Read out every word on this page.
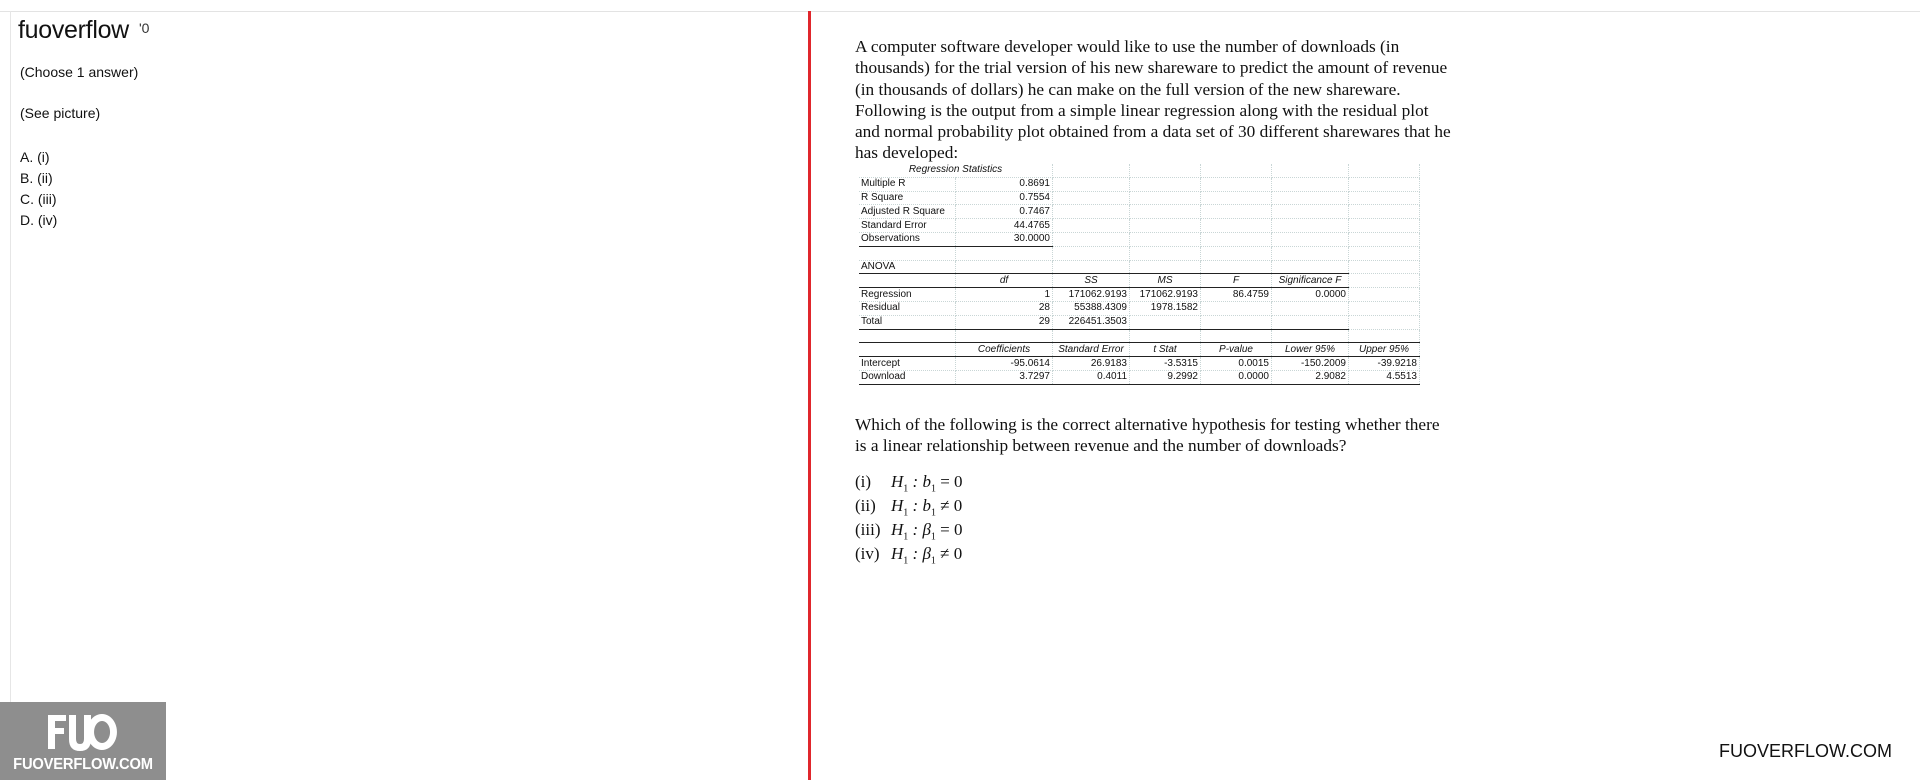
fuoverflow '0
(Choose 1 answer)
(See picture)
A. (i)
B. (ii)
C. (iii)
D. (iv)
FUOVERFLOW.COM
FUOVERFLOW.COM
A computer software developer would like to use the number of downloads (in thousands) for the trial version of his new shareware to predict the amount of revenue (in thousands of dollars) he can make on the full version of the new shareware. Following is the output from a simple linear regression along with the residual plot and normal probability plot obtained from a data set of 30 different sharewares that he has developed:
Regression Statistics						
Multiple R	0.8691					
R Square	0.7554					
Adjusted R Square	0.7467					
Standard Error	44.4765					
Observations	30.0000					

ANOVA						
	df	SS	MS	F	Significance F	
Regression	1	171062.9193	171062.9193	86.4759	0.0000	
Residual	28	55388.4309	1978.1582			
Total	29	226451.3503				

	Coefficients	Standard Error	t Stat	P-value	Lower 95%	Upper 95%
Intercept	-95.0614	26.9183	-3.5315	0.0015	-150.2009	-39.9218
Download	3.7297	0.4011	9.2992	0.0000	2.9082	4.5513
Which of the following is the correct alternative hypothesis for testing whether there is a linear relationship between revenue and the number of downloads?
(i) $H_1$ : $b_1 = 0$
(ii) $H_1$ : $b_1 \ne 0$
(iii) $H_1$ : $\beta_1 = 0$
(iv) $H_1$ : $\beta_1 \ne 0$
